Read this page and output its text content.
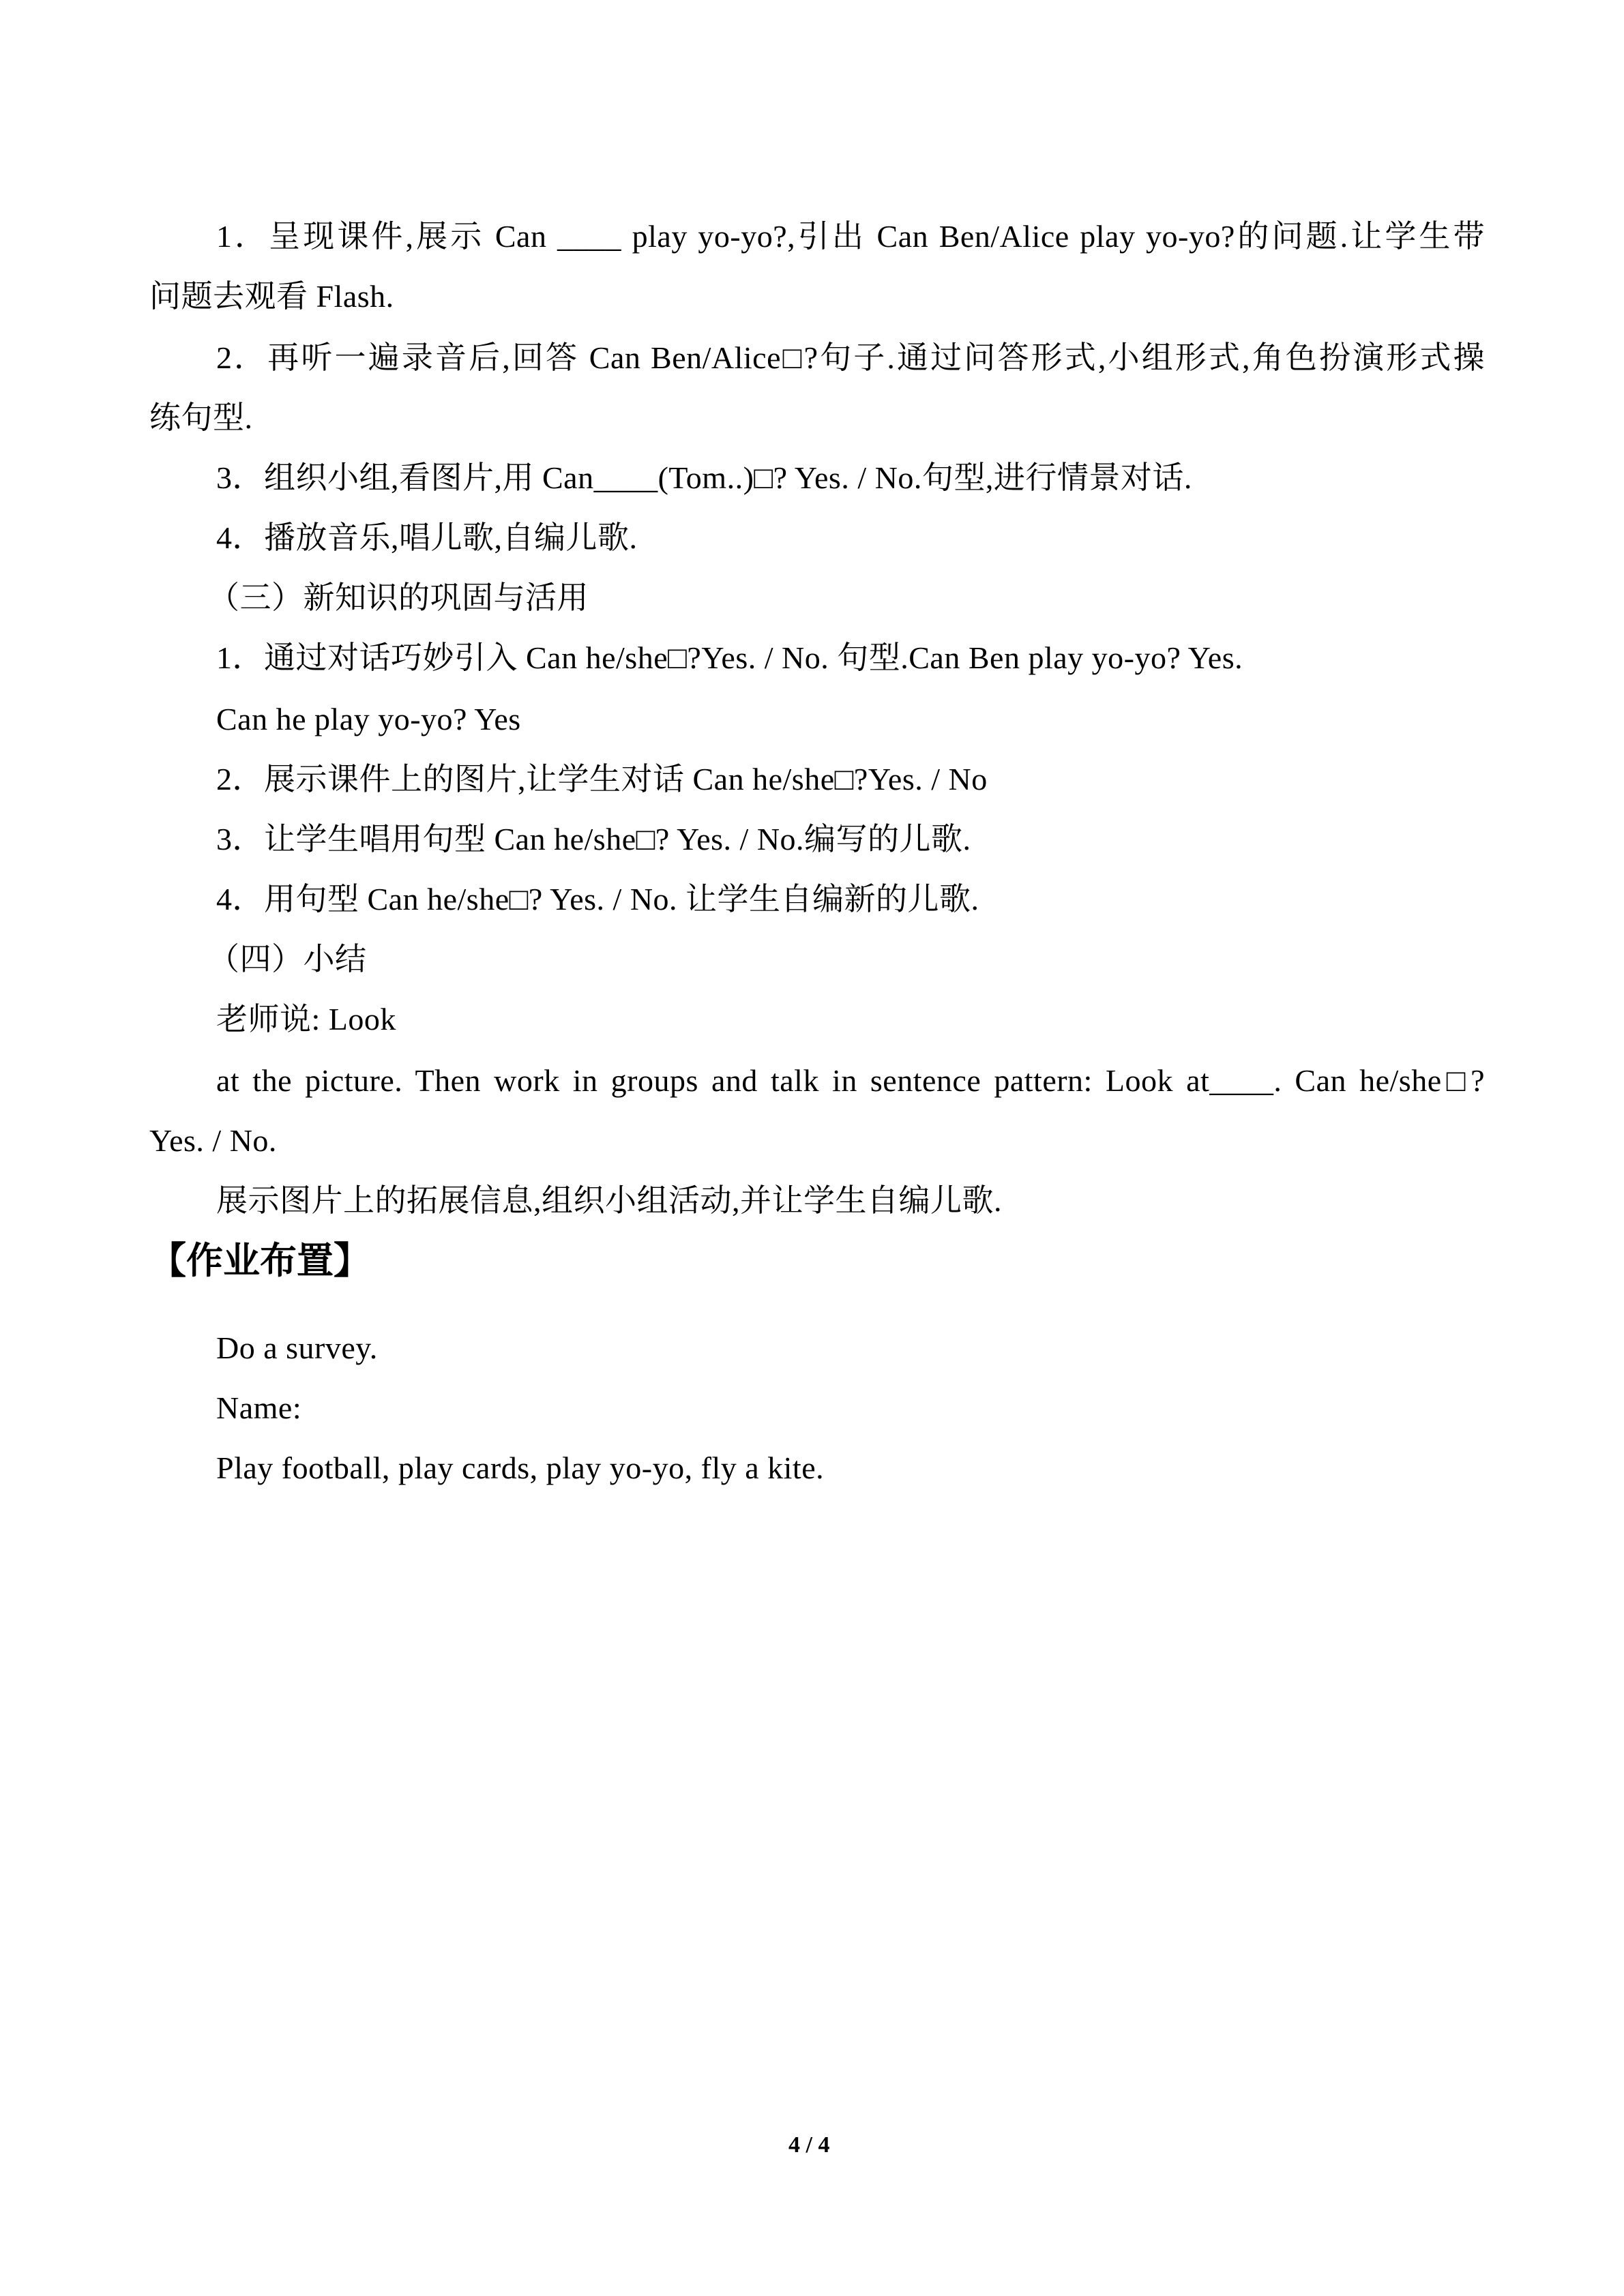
1．呈现课件,展示 Can ____ play yo-yo?,引出 Can Ben/Alice play yo-yo?的问题.让学生带
问题去观看 Flash.
2．再听一遍录音后,回答 Can Ben/Alice□?句子.通过问答形式,小组形式,角色扮演形式操
练句型.
3．组织小组,看图片,用 Can____(Tom..)□? Yes. / No.句型,进行情景对话.
4．播放音乐,唱儿歌,自编儿歌.
（三）新知识的巩固与活用
1．通过对话巧妙引入 Can he/she□?Yes. / No. 句型.Can Ben play yo-yo? Yes.
Can he play yo-yo? Yes
2．展示课件上的图片,让学生对话 Can he/she□?Yes. / No
3．让学生唱用句型 Can he/she□? Yes. / No.编写的儿歌.
4．用句型 Can he/she□? Yes. / No. 让学生自编新的儿歌.
（四）小结
老师说: Look
at the picture. Then work in groups and talk in sentence pattern: Look at____. Can he/she□?
Yes. / No.
展示图片上的拓展信息,组织小组活动,并让学生自编儿歌.
【作业布置】
Do a survey.
Name:
Play football, play cards, play yo-yo, fly a kite.
4 / 4
